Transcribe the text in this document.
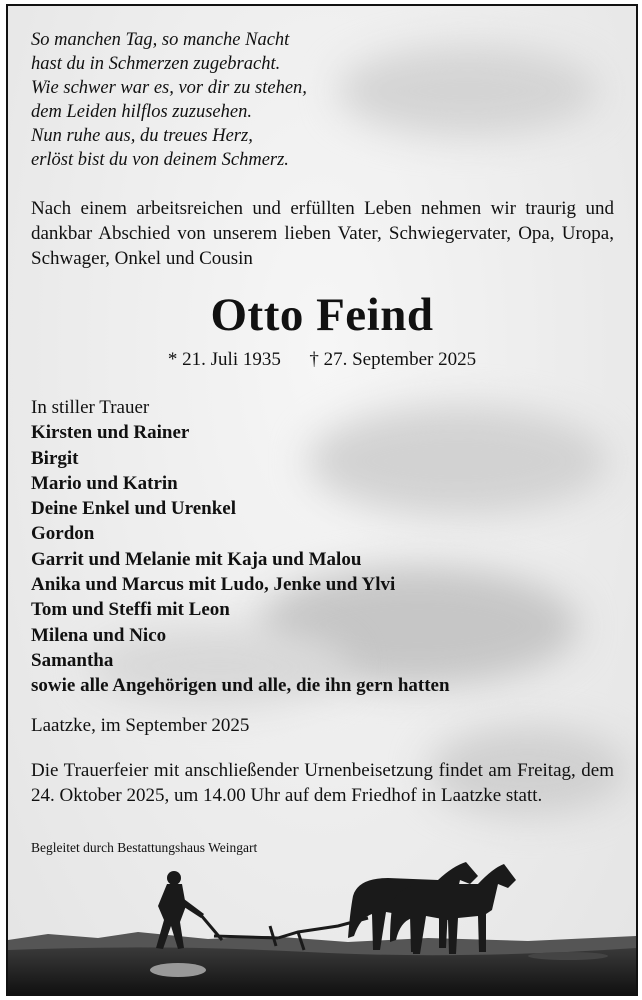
So manchen Tag, so manche Nacht
hast du in Schmerzen zugebracht.
Wie schwer war es, vor dir zu stehen,
dem Leiden hilflos zuzusehen.
Nun ruhe aus, du treues Herz,
erlöst bist du von deinem Schmerz.
Nach einem arbeitsreichen und erfüllten Leben nehmen wir traurig und dankbar Abschied von unserem lieben Vater, Schwiegervater, Opa, Uropa, Schwager, Onkel und Cousin
Otto Feind
* 21. Juli 1935 † 27. September 2025
In stiller Trauer
Kirsten und Rainer
Birgit
Mario und Katrin
Deine Enkel und Urenkel
Gordon
Garrit und Melanie mit Kaja und Malou
Anika und Marcus mit Ludo, Jenke und Ylvi
Tom und Steffi mit Leon
Milena und Nico
Samantha
sowie alle Angehörigen und alle, die ihn gern hatten
Laatzke, im September 2025
Die Trauerfeier mit anschließender Urnenbeisetzung findet am Freitag, dem 24. Oktober 2025, um 14.00 Uhr auf dem Friedhof in Laatzke statt.
Begleitet durch Bestattungshaus Weingart
